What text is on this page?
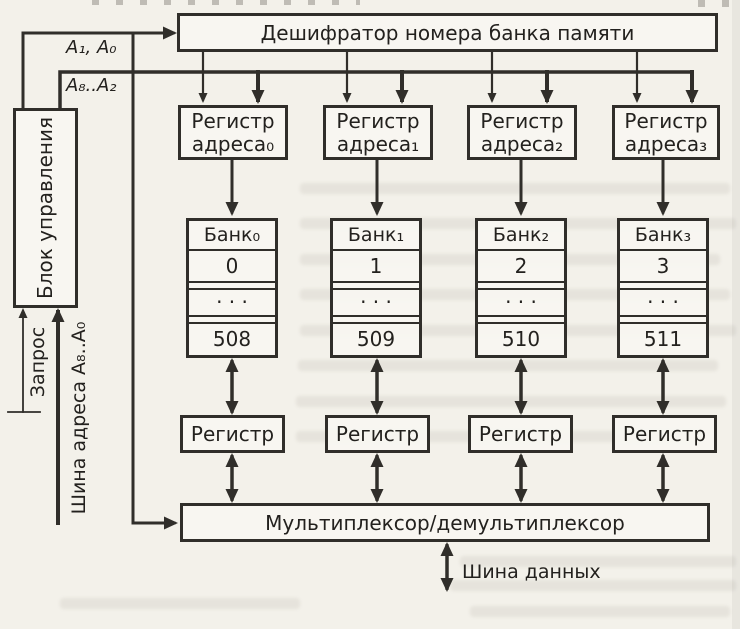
Дешифратор номера банка памяти
Блок управления	Регистр
адреса₀
Регистр
адреса₁
Регистр
адреса₂
Регистр
адреса₃
Банк₀
0
· · ·
508
Банк₁
1
· · ·
509
Банк₂
2
· · ·
510
Банк₃
3
· · ·
511
Регистр	Регистр	Регистр	Регистр
Мультиплексор/демультиплексор
A₁, A₀
A₈..A₂
Запрос Шина адреса A₈..A₀
Шина данных
